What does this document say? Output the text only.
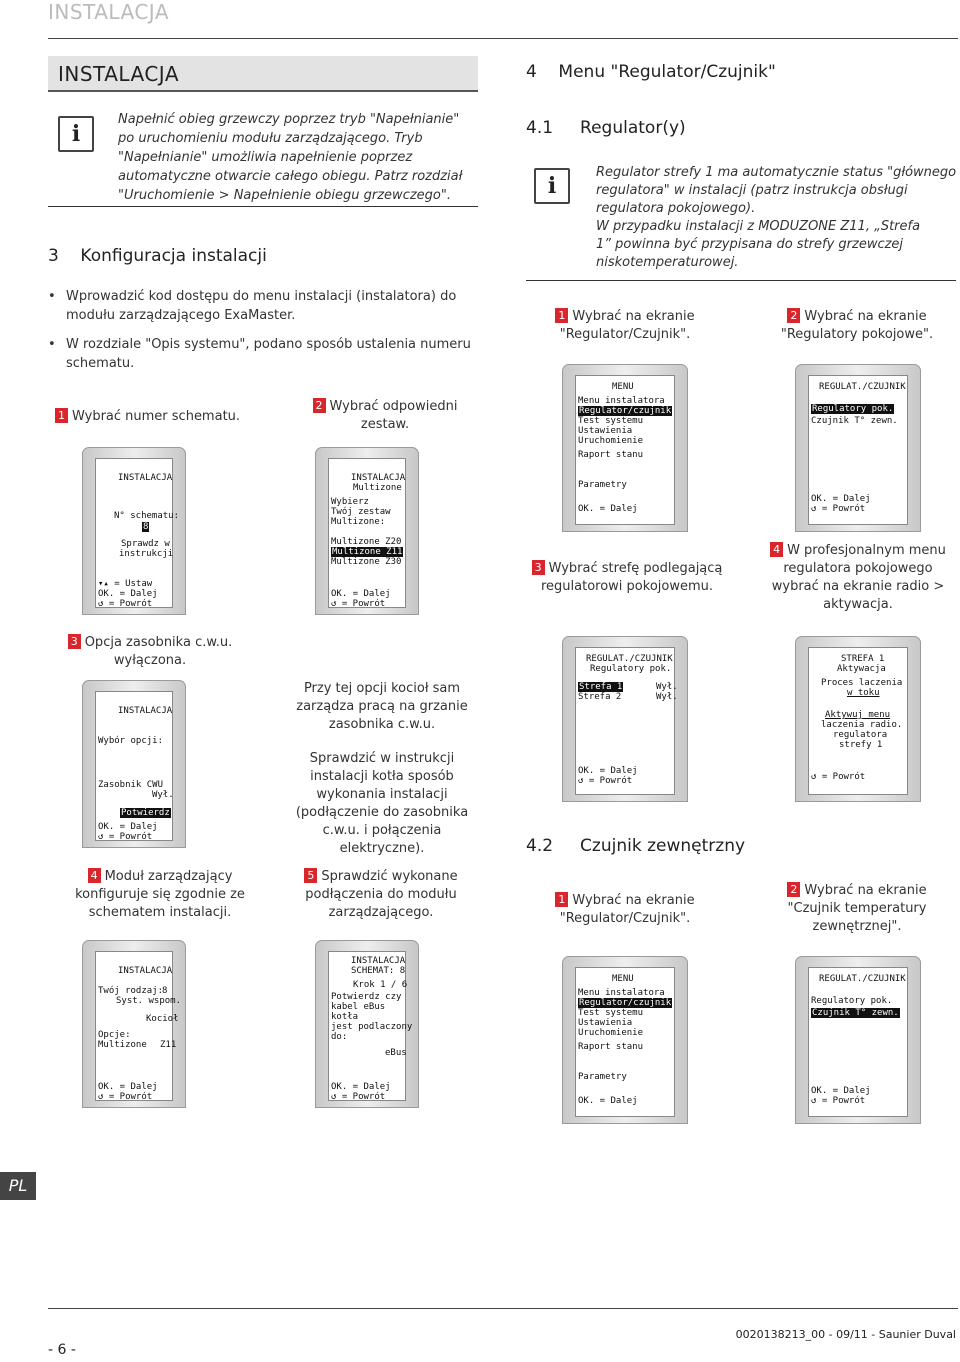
INSTALACJA
INSTALACJA
i
Napełnić obieg grzewczy poprzez tryb "Napełnianie"
po uruchomieniu modułu zarządzającego. Tryb
"Napełnianie" umożliwia napełnienie poprzez
automatyczne otwarcie całego obiegu. Patrz rozdział
"Uruchomienie > Napełnienie obiegu grzewczego".
3    Konfiguracja instalacji
• Wprowadzić kod dostępu do menu instalacji (instalatora) do
modułu zarządzającego ExaMaster.
• W rozdziale "Opis systemu", podano sposób ustalenia numeru
schematu.
1 Wybrać numer schematu.
2 Wybrać odpowiedni
zestaw.
INSTALACJA
N° schematu:
8
Sprawdz w
instrukcji
▾▴ = Ustaw
OK. = Dalej
↺ = Powrót
INSTALACJA
Multizone
Wybierz
Twój zestaw
Multizone:
Multizone Z20
Multizone Z11
Multizone Z30
OK. = Dalej
↺ = Powrót
3 Opcja zasobnika c.w.u.
wyłączona.
INSTALACJA
Wybór opcji:
Zasobnik CWU
Wył.
Potwierdz
OK. = Dalej
↺ = Powrót
Przy tej opcji kocioł sam
zarządza pracą na grzanie
zasobnika c.w.u.
Sprawdzić w instrukcji
instalacji kotła sposób
wykonania instalacji
(podłączenie do zasobnika
c.w.u. i połączenia
elektryczne).
4 Moduł zarządzający
konfiguruje się zgodnie ze
schematem instalacji.
5 Sprawdzić wykonane
podłączenia do modułu
zarządzającego.
INSTALACJA
Twój rodzaj:
8
Syst. wspom.
Kocioł
Opcje:
Multizone Z11
OK. = Dalej
↺ = Powrót
INSTALACJA
SCHEMAT: 8
Krok 1 / 6
Potwierdz czy
kabel eBus
kotła
jest podlaczony
do:
eBus
OK. = Dalej
↺ = Powrót
4    Menu "Regulator/Czujnik"
4.1     Regulator(y)
i
Regulator strefy 1 ma automatycznie status "głównego
regulatora" w instalacji (patrz instrukcja obsługi
regulatora pokojowego).
W przypadku instalacji z MODUZONE Z11, „Strefa
1” powinna być przypisana do strefy grzewczej
niskotemperaturowej.
1 Wybrać na ekranie
"Regulator/Czujnik".
2 Wybrać na ekranie
"Regulatory pokojowe".
MENU
Menu instalatora
Regulator/czujnik
Test systemu
Ustawienia
Uruchomienie
Raport stanu
Parametry
OK. = Dalej
REGULAT./CZUJNIK
Regulatory pok.
Czujnik T° zewn.
OK. = Dalej
↺ = Powrót
3 Wybrać strefę podlegającą
regulatorowi pokojowemu.
4 W profesjonalnym menu
regulatora pokojowego
wybrać na ekranie radio >
aktywacja.
REGULAT./CZUJNIK
Regulatory pok.
Strefa 1	Wył.
Strefa 2	Wył.
OK. = Dalej
↺ = Powrót
STREFA 1
Aktywacja
Proces laczenia
w toku
Aktywuj menu
laczenia radio.
regulatora
strefy 1
↺ = Powrót
4.2     Czujnik zewnętrzny
1 Wybrać na ekranie
"Regulator/Czujnik".
2 Wybrać na ekranie
"Czujnik temperatury
zewnętrznej".
MENU
Menu instalatora
Regulator/czujnik
Test systemu
Ustawienia
Uruchomienie
Raport stanu
Parametry
OK. = Dalej
REGULAT./CZUJNIK
Regulatory pok.
Czujnik T° zewn.
OK. = Dalej
↺ = Powrót
PL
- 6 -
0020138213_00 - 09/11 - Saunier Duval
